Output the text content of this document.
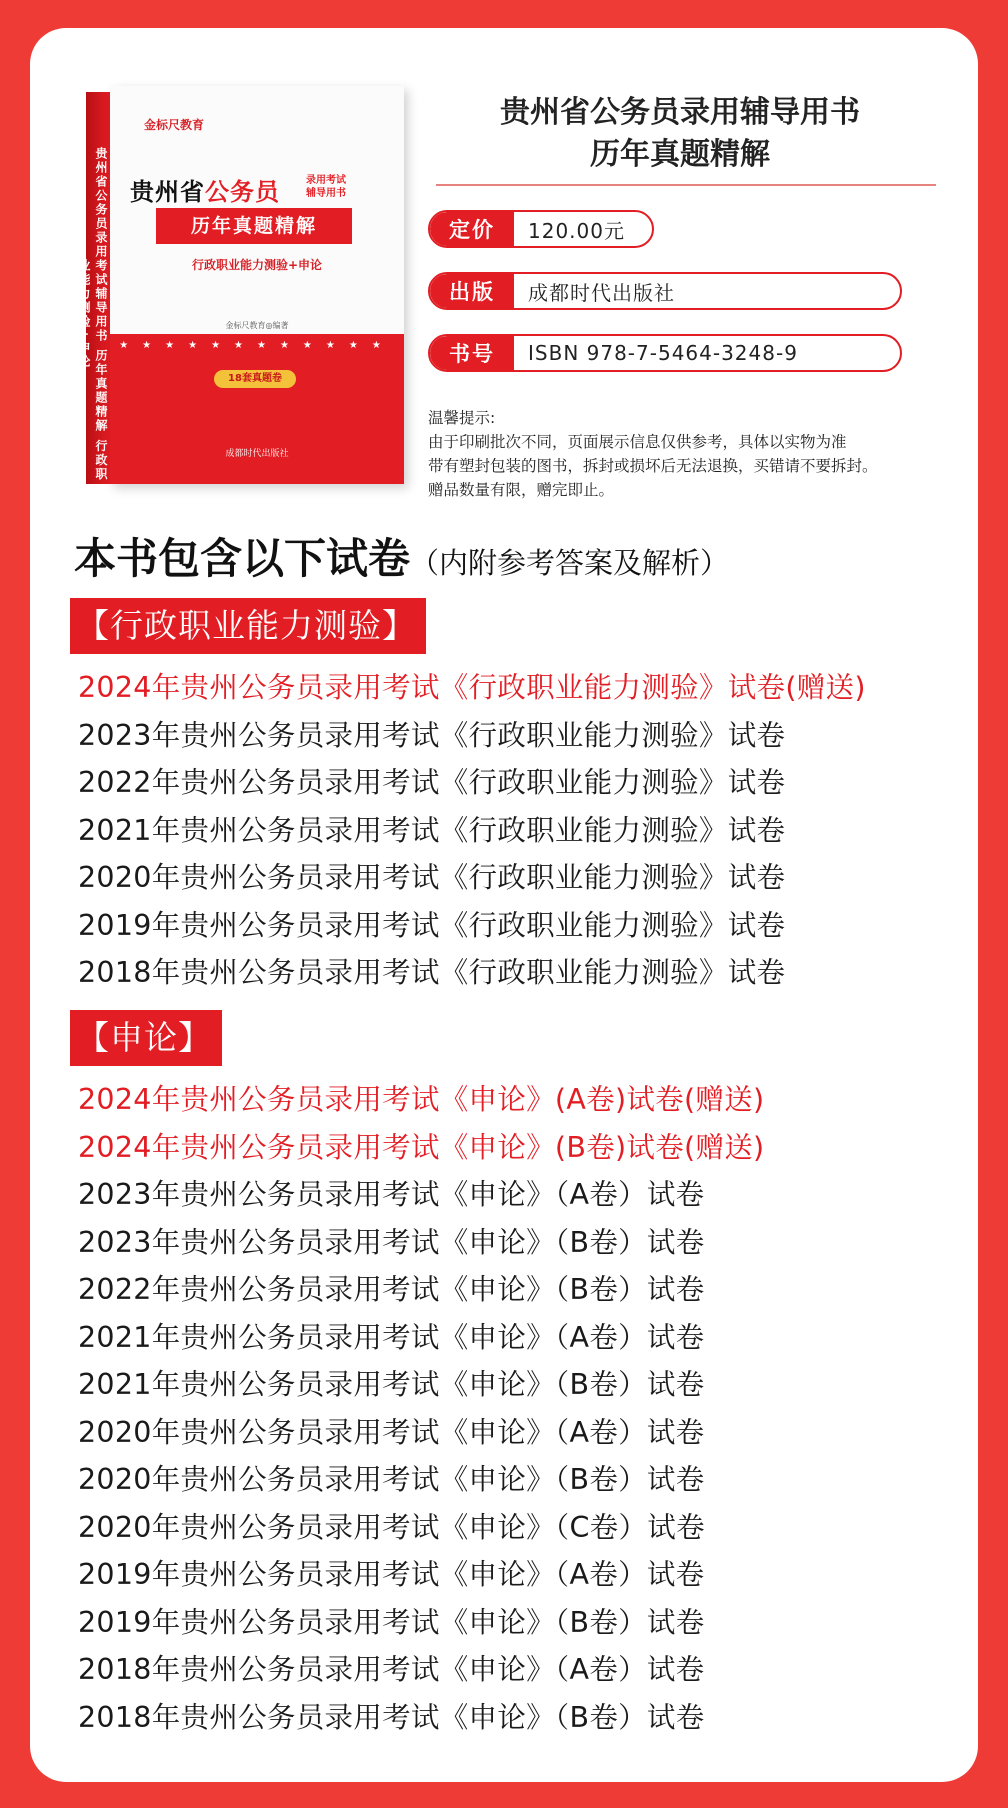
贵州省公务员录用考试辅导用书 历年真题精解 行政职业能力测验+申论
金标尺教育
贵州省公务员	录用考试
辅导用书
历年真题精解
行政职业能力测验+申论
金标尺教育◎编著
★★★★★★★★★★★★
18套真题卷
成都时代出版社
贵州省公务员录用辅导用书
历年真题精解
定价	120.00元
出版	成都时代出版社
书号	ISBN 978-7-5464-3248-9
温馨提示:
由于印刷批次不同，页面展示信息仅供参考，具体以实物为准
带有塑封包装的图书，拆封或损坏后无法退换，买错请不要拆封。
赠品数量有限，赠完即止。
本书包含以下试卷（内附参考答案及解析）
【行政职业能力测验】
2024年贵州公务员录用考试《行政职业能力测验》试卷(赠送)
2023年贵州公务员录用考试《行政职业能力测验》试卷
2022年贵州公务员录用考试《行政职业能力测验》试卷
2021年贵州公务员录用考试《行政职业能力测验》试卷
2020年贵州公务员录用考试《行政职业能力测验》试卷
2019年贵州公务员录用考试《行政职业能力测验》试卷
2018年贵州公务员录用考试《行政职业能力测验》试卷
【申论】
2024年贵州公务员录用考试《申论》(A卷)试卷(赠送)
2024年贵州公务员录用考试《申论》(B卷)试卷(赠送)
2023年贵州公务员录用考试《申论》（A卷）试卷
2023年贵州公务员录用考试《申论》（B卷）试卷
2022年贵州公务员录用考试《申论》（B卷）试卷
2021年贵州公务员录用考试《申论》（A卷）试卷
2021年贵州公务员录用考试《申论》（B卷）试卷
2020年贵州公务员录用考试《申论》（A卷）试卷
2020年贵州公务员录用考试《申论》（B卷）试卷
2020年贵州公务员录用考试《申论》（C卷）试卷
2019年贵州公务员录用考试《申论》（A卷）试卷
2019年贵州公务员录用考试《申论》（B卷）试卷
2018年贵州公务员录用考试《申论》（A卷）试卷
2018年贵州公务员录用考试《申论》（B卷）试卷
